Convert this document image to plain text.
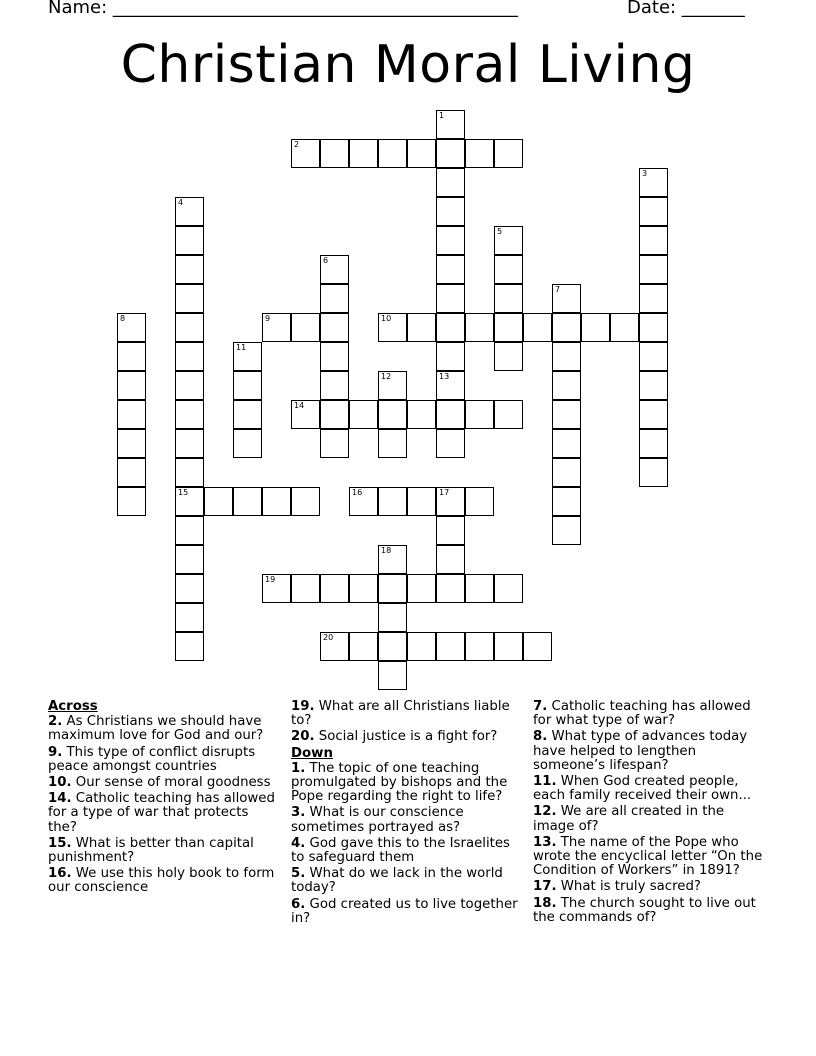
Name: _____________________________________________	Date: _______
Christian Moral Living
1
13
2
3
4
15
5
6
7
8	9	10
11
12
14
16	17
18
19
20
Across
2. As Christians we should have maximum love for God and our?
9. This type of conflict disrupts peace amongst countries
10. Our sense of moral goodness
14. Catholic teaching has allowed for a type of war that protects the?
15. What is better than capital punishment?
16. We use this holy book to form our conscience
19. What are all Christians liable to?
20. Social justice is a fight for?
Down
1. The topic of one teaching promulgated by bishops and the Pope regarding the right to life?
3. What is our conscience sometimes portrayed as?
4. God gave this to the Israelites to safeguard them
5. What do we lack in the world today?
6. God created us to live together in?
7. Catholic teaching has allowed for what type of war?
8. What type of advances today have helped to lengthen someone’s lifespan?
11. When God created people, each family received their own...
12. We are all created in the image of?
13. The name of the Pope who wrote the encyclical letter “On the Condition of Workers” in 1891?
17. What is truly sacred?
18. The church sought to live out the commands of?
